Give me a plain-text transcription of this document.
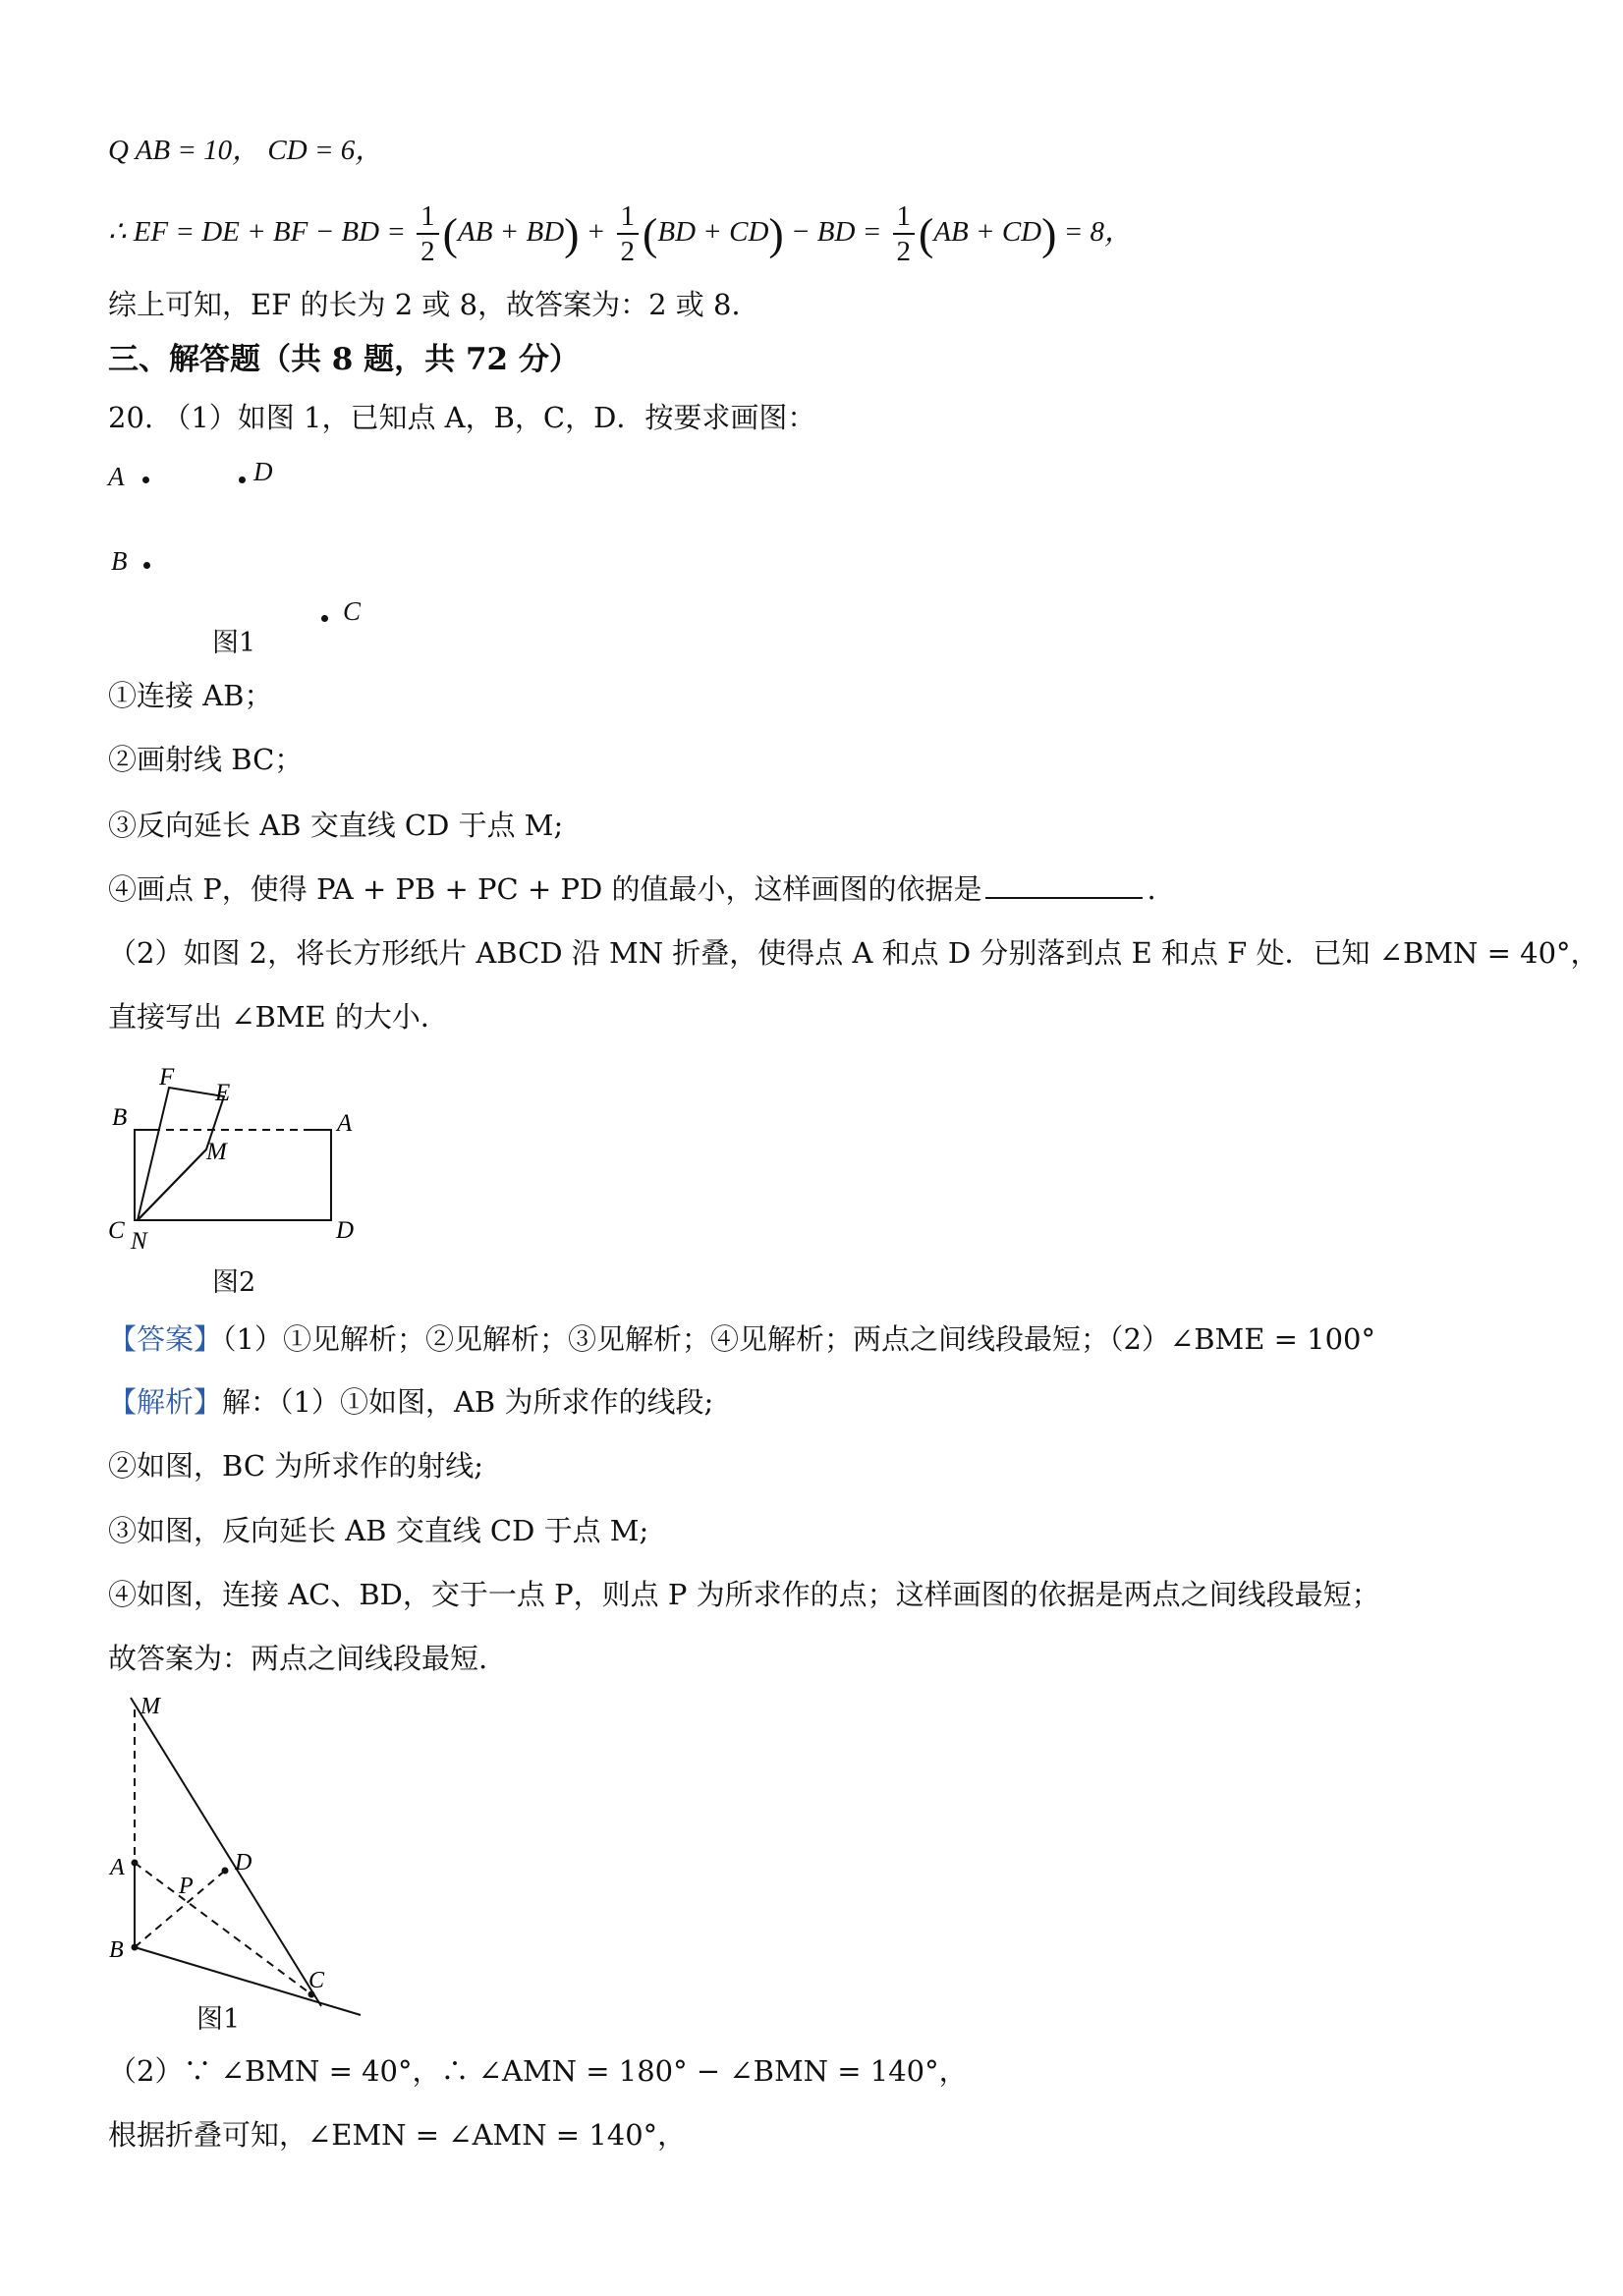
Q AB = 10， CD = 6，
∴ EF = DE + BF − BD = $\frac{1}{2} (AB + BD) + \frac{1}{2} (BD + CD)$ − BD = $\frac{1}{2} (AB + CD) = 8$，
综上可知，EF 的长为 2 或 8，故答案为：2 或 8.
三、解答题（共 8 题，共 72 分）
20. （1）如图 1，已知点 A，B，C，D．按要求画图：
A	D
B
C
图1
①连接 AB；
②画射线 BC；
③反向延长 AB 交直线 CD 于点 M;
④画点 P，使得 PA + PB + PC + PD 的值最小，这样画图的依据是	.
（2）如图 2，将长方形纸片 ABCD 沿 MN 折叠，使得点 A 和点 D 分别落到点 E 和点 F 处．已知 ∠BMN = 40°，
直接写出 ∠BME 的大小．
F
E
A
B
M
C N	D
图2
【答案】（1）①见解析；②见解析；③见解析；④见解析；两点之间线段最短；（2）∠BME = 100°
【解析】解：（1）①如图，AB 为所求作的线段;
②如图，BC 为所求作的射线;
③如图，反向延长 AB 交直线 CD 于点 M;
④如图，连接 AC、BD，交于一点 P，则点 P 为所求作的点；这样画图的依据是两点之间线段最短；
故答案为：两点之间线段最短.
M
A
P
D
B
C
图1
（2）∵ ∠BMN = 40°，∴ ∠AMN = 180° − ∠BMN = 140°，
根据折叠可知，∠EMN = ∠AMN = 140°，
